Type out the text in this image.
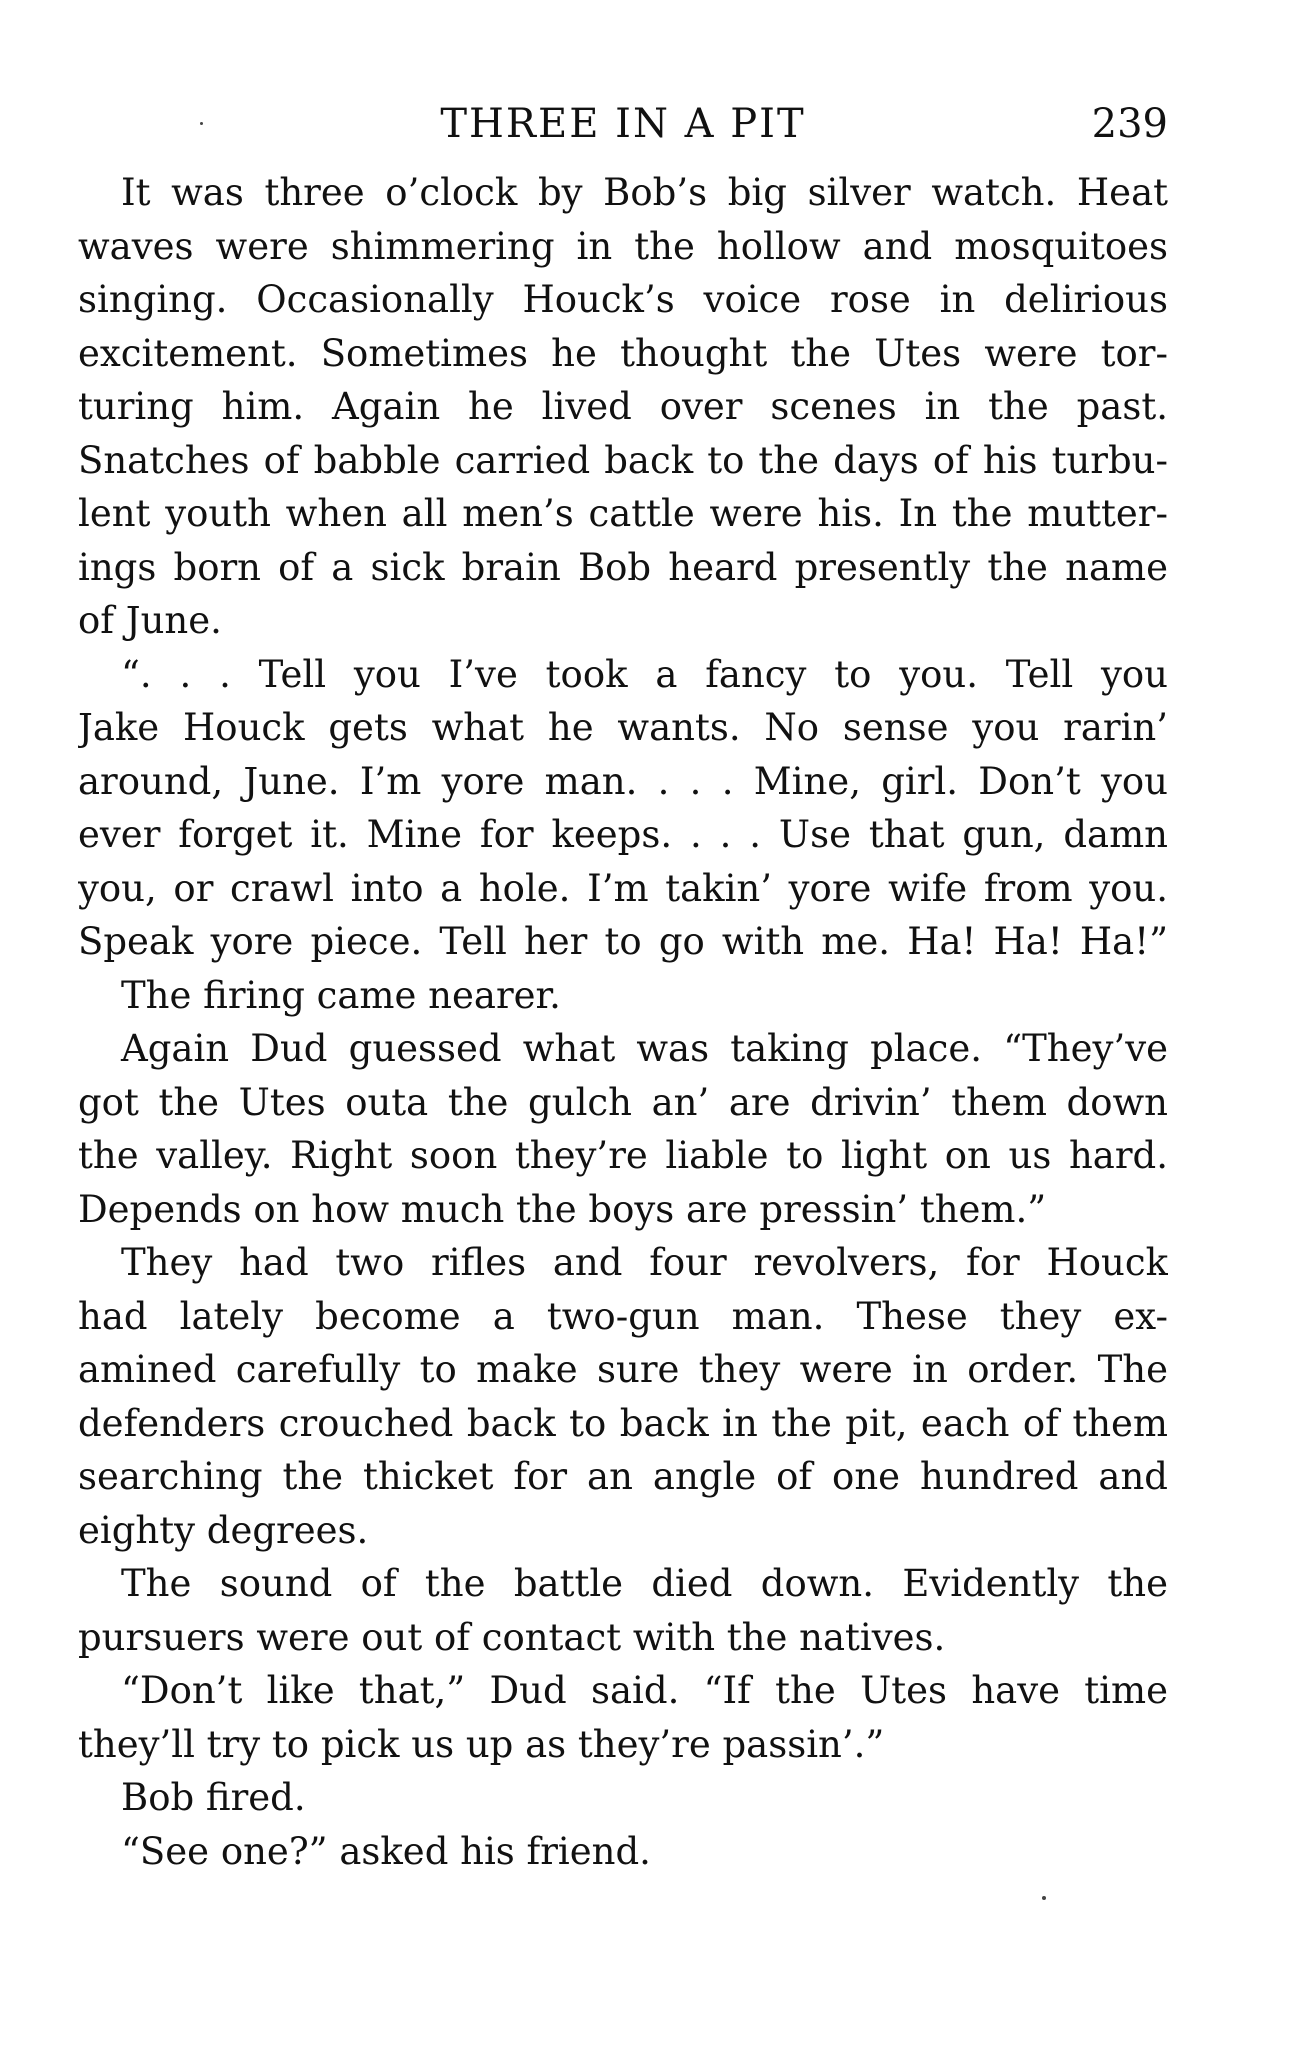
THREE IN A PIT	239
It was three o’clock by Bob’s big silver watch. Heat
waves were shimmering in the hollow and mosquitoes
singing. Occasionally Houck’s voice rose in delirious
excitement. Sometimes he thought the Utes were tor-
turing him. Again he lived over scenes in the past.
Snatches of babble carried back to the days of his turbu-
lent youth when all men’s cattle were his. In the mutter-
ings born of a sick brain Bob heard presently the name
of June.
“. . . Tell you I’ve took a fancy to you. Tell you
Jake Houck gets what he wants. No sense you rarin’
around, June. I’m yore man. . . . Mine, girl. Don’t you
ever forget it. Mine for keeps. . . . Use that gun, damn
you, or crawl into a hole. I’m takin’ yore wife from you.
Speak yore piece. Tell her to go with me. Ha! Ha! Ha!”
The firing came nearer.
Again Dud guessed what was taking place. “They’ve
got the Utes outa the gulch an’ are drivin’ them down
the valley. Right soon they’re liable to light on us hard.
Depends on how much the boys are pressin’ them.”
They had two rifles and four revolvers, for Houck
had lately become a two-gun man. These they ex-
amined carefully to make sure they were in order. The
defenders crouched back to back in the pit, each of them
searching the thicket for an angle of one hundred and
eighty degrees.
The sound of the battle died down. Evidently the
pursuers were out of contact with the natives.
“Don’t like that,” Dud said. “If the Utes have time
they’ll try to pick us up as they’re passin’.”
Bob fired.
“See one?” asked his friend.
